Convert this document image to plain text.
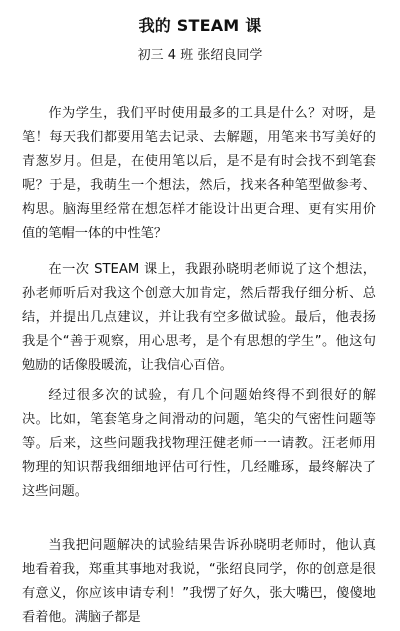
我的 STEAM 课
初三 4 班 张绍良同学

作为学生，我们平时使用最多的工具是什么？对呀，是笔！每天我们都要用笔去记录、去解题，用笔来书写美好的青葱岁月。但是，在使用笔以后，是不是有时会找不到笔套呢？于是，我萌生一个想法，然后，找来各种笔型做参考、构思。脑海里经常在想怎样才能设计出更合理、更有实用价值的笔帽一体的中性笔？

在一次 STEAM 课上，我跟孙晓明老师说了这个想法，孙老师听后对我这个创意大加肯定，然后帮我仔细分析、总结，并提出几点建议，并让我有空多做试验。最后，他表扬我是个“善于观察，用心思考，是个有思想的学生”。他这句勉励的话像股暖流，让我信心百倍。

经过很多次的试验，有几个问题始终得不到很好的解决。比如，笔套笔身之间滑动的问题，笔尖的气密性问题等等。后来，这些问题我找物理汪健老师一一请教。汪老师用物理的知识帮我细细地评估可行性，几经雕琢，最终解决了这些问题。

当我把问题解决的试验结果告诉孙晓明老师时，他认真地看着我，郑重其事地对我说，“张绍良同学，你的创意是很有意义，你应该申请专利！”我愣了好久，张大嘴巴，傻傻地看着他。满脑子都是
